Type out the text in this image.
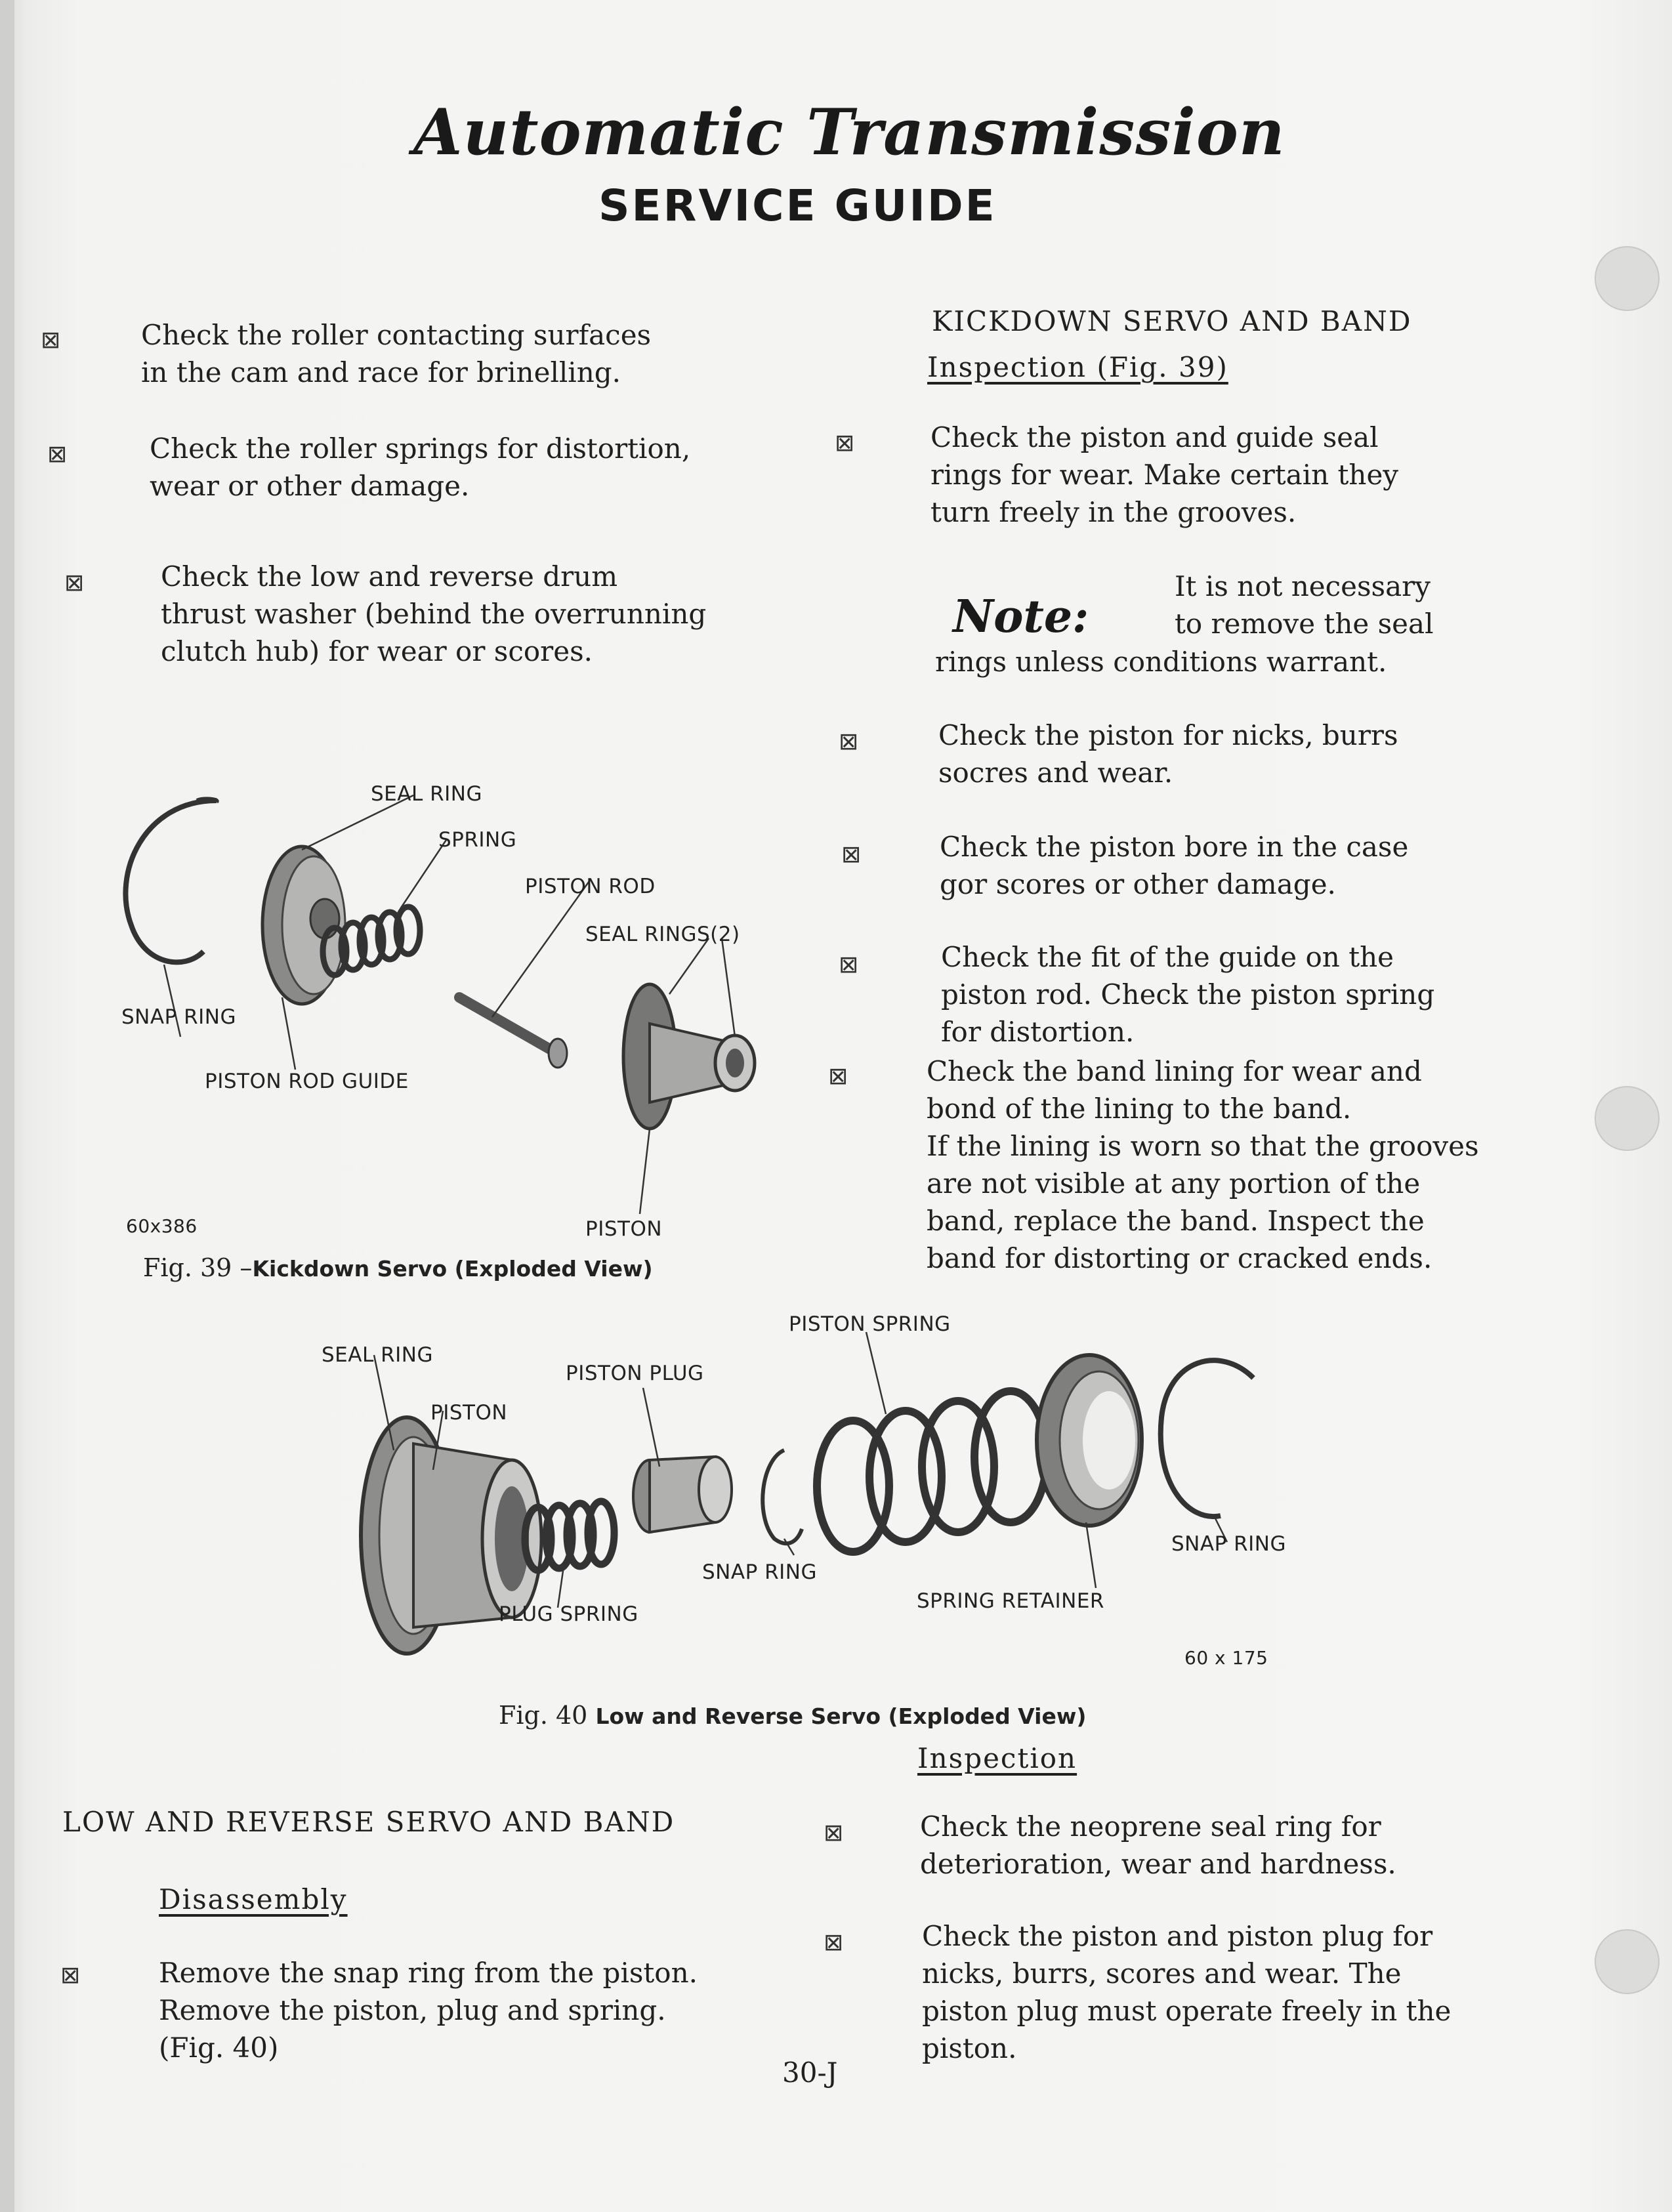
Automatic Transmission
SERVICE GUIDE
⊠	Check the roller contacting surfaces
in the cam and race for brinelling.
⊠	Check the roller springs for distortion,
wear or other damage.
⊠	Check the low and reverse drum
thrust washer (behind the overrunning
clutch hub) for wear or scores.
SEAL RING
SPRING
PISTON ROD
SEAL RINGS(2)
SNAP RING
PISTON ROD GUIDE
PISTON
60x386
Fig. 39 –Kickdown Servo (Exploded View)
KICKDOWN SERVO AND BAND
Inspection (Fig. 39)
⊠	Check the piston and guide seal
rings for wear. Make certain they
turn freely in the grooves.
It is not necessary
Note:	to remove the seal
rings unless conditions warrant.
⊠	Check the piston for nicks, burrs
socres and wear.
⊠	Check the piston bore in the case
gor scores or other damage.
⊠	Check the fit of the guide on the
piston rod. Check the piston spring
for distortion.
⊠	Check the band lining for wear and
bond of the lining to the band.
If the lining is worn so that the grooves
are not visible at any portion of the
band, replace the band. Inspect the
band for distorting or cracked ends.
SEAL RING
PISTON PLUG
PISTON
PLUG SPRING
SNAP RING
PISTON SPRING
SPRING RETAINER
SNAP RING
60 x 175
Fig. 40 Low and Reverse Servo (Exploded View)
LOW AND REVERSE SERVO AND BAND
Disassembly
⊠	Remove the snap ring from the piston.
Remove the piston, plug and spring.
(Fig. 40)
Inspection
⊠	Check the neoprene seal ring for
deterioration, wear and hardness.
⊠	Check the piston and piston plug for
nicks, burrs, scores and wear. The
piston plug must operate freely in the
piston.
30-J
